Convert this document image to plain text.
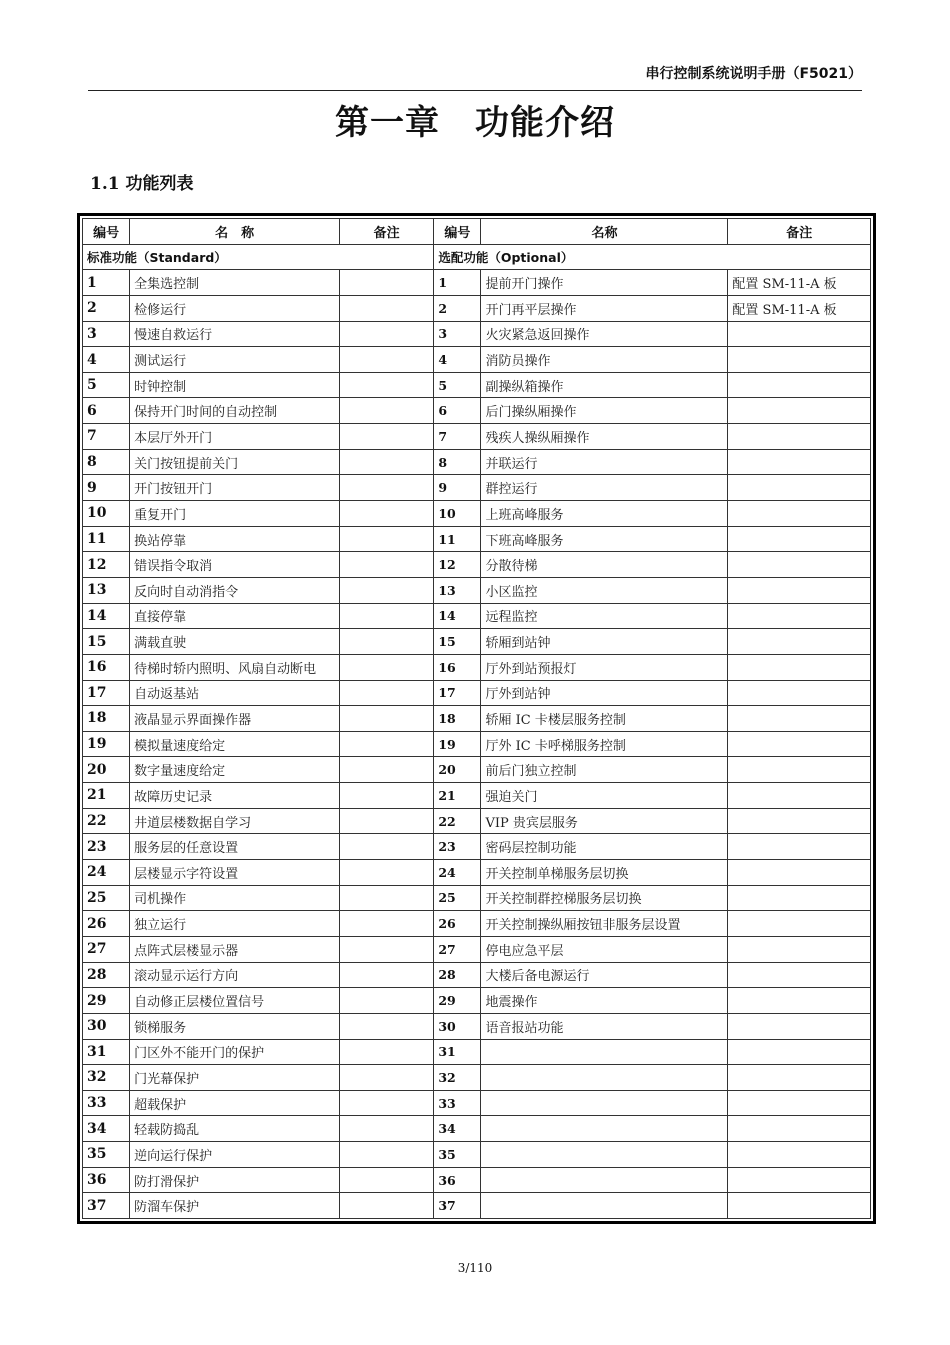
串行控制系统说明手册（F5021）
第一章　功能介绍
1.1 功能列表
编号	名　称	备注	编号	名称	备注
标准功能（Standard）			选配功能（Optional）		
1	全集选控制		1	提前开门操作	配置 SM-11-A 板
2	检修运行		2	开门再平层操作	配置 SM-11-A 板
3	慢速自救运行		3	火灾紧急返回操作	
4	测试运行		4	消防员操作	
5	时钟控制		5	副操纵箱操作	
6	保持开门时间的自动控制		6	后门操纵厢操作	
7	本层厅外开门		7	残疾人操纵厢操作	
8	关门按钮提前关门		8	并联运行	
9	开门按钮开门		9	群控运行	
10	重复开门		10	上班高峰服务	
11	换站停靠		11	下班高峰服务	
12	错误指令取消		12	分散待梯	
13	反向时自动消指令		13	小区监控	
14	直接停靠		14	远程监控	
15	满载直驶		15	轿厢到站钟	
16	待梯时轿内照明、风扇自动断电		16	厅外到站预报灯	
17	自动返基站		17	厅外到站钟	
18	液晶显示界面操作器		18	轿厢 IC 卡楼层服务控制	
19	模拟量速度给定		19	厅外 IC 卡呼梯服务控制	
20	数字量速度给定		20	前后门独立控制	
21	故障历史记录		21	强迫关门	
22	井道层楼数据自学习		22	VIP 贵宾层服务	
23	服务层的任意设置		23	密码层控制功能	
24	层楼显示字符设置		24	开关控制单梯服务层切换	
25	司机操作		25	开关控制群控梯服务层切换	
26	独立运行		26	开关控制操纵厢按钮非服务层设置	
27	点阵式层楼显示器		27	停电应急平层	
28	滚动显示运行方向		28	大楼后备电源运行	
29	自动修正层楼位置信号		29	地震操作	
30	锁梯服务		30	语音报站功能	
31	门区外不能开门的保护		31		
32	门光幕保护		32		
33	超载保护		33		
34	轻载防捣乱		34		
35	逆向运行保护		35		
36	防打滑保护		36		
37	防溜车保护		37		
3/110
